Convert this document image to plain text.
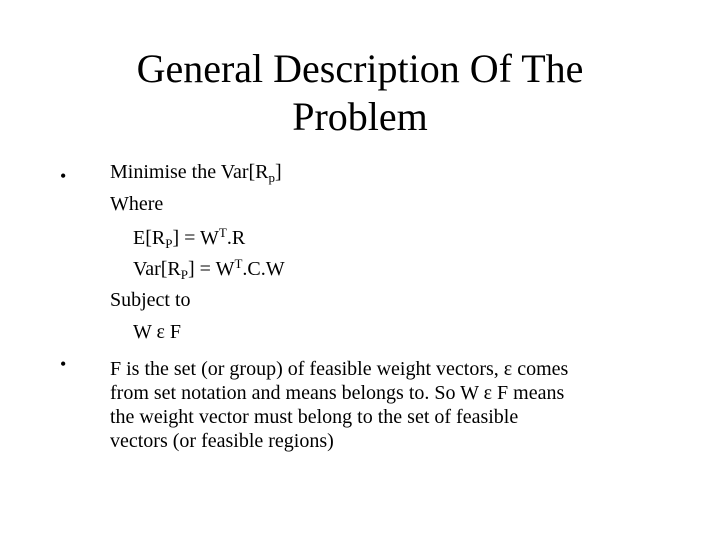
General Description Of The
Problem
• Minimise the $Var[R_p]$
Where
$E[R_P] = W^T.R$
$Var[R_P] = W^T.C.W$
Subject to
W ε F
• F is the set (or group) of feasible weight vectors, ε comes
from set notation and means belongs to. So W ε F means
the weight vector must belong to the set of feasible
vectors (or feasible regions)
